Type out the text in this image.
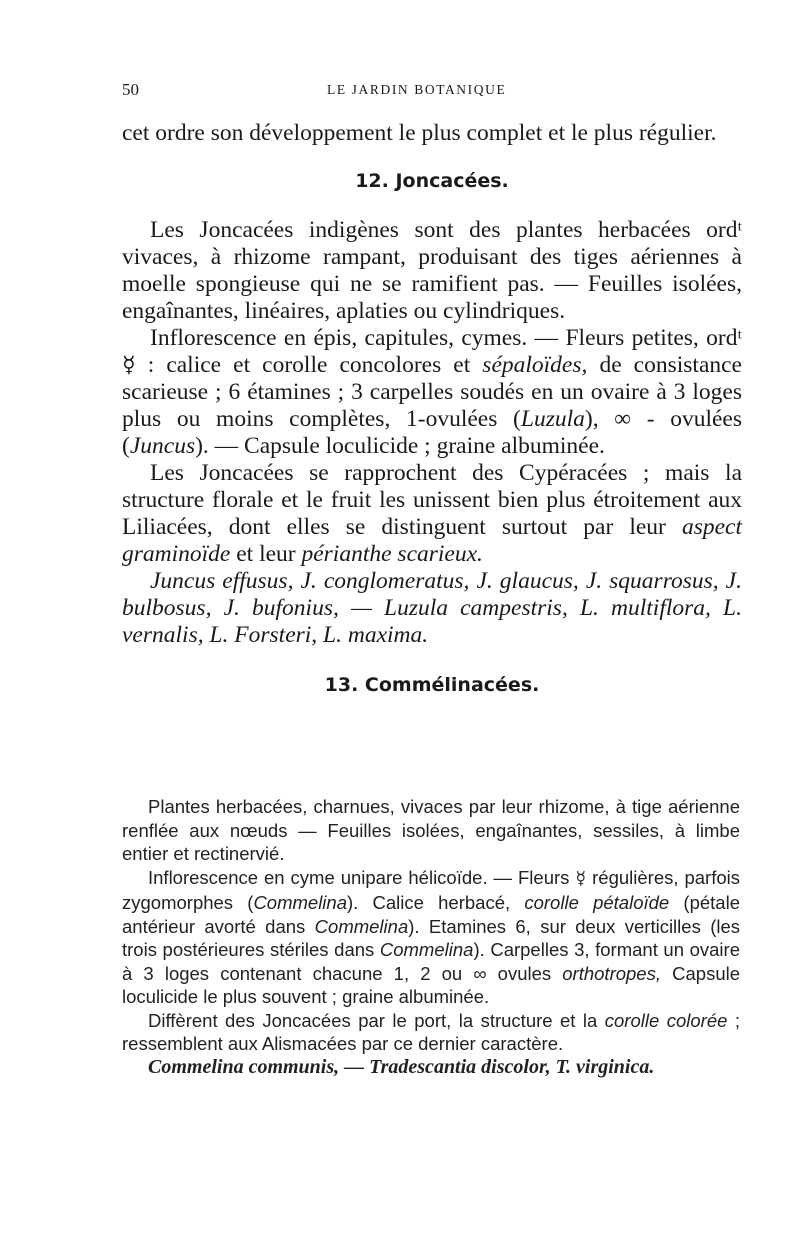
50	LE JARDIN BOTANIQUE

cet ordre son développement le plus complet et le plus régulier.

12. Joncacées.

Les Joncacées indigènes sont des plantes herbacées ordᵗ vivaces, à rhizome rampant, produisant des tiges aériennes à moelle spongieuse qui ne se ramifient pas. — Feuilles isolées, engaînantes, linéaires, aplaties ou cylindriques.

Inflorescence en épis, capitules, cymes. — Fleurs petites, ordᵗ ☿ : calice et corolle concolores et sépaloïdes, de consistance scarieuse ; 6 étamines ; 3 carpelles soudés en un ovaire à 3 loges plus ou moins complètes, 1-ovulées (Luzula), ∞ - ovulées (Juncus). — Capsule loculicide ; graine albuminée.

Les Joncacées se rapprochent des Cypéracées ; mais la structure florale et le fruit les unissent bien plus étroitement aux Liliacées, dont elles se distinguent surtout par leur aspect graminoïde et leur périanthe scarieux.

Juncus effusus, J. conglomeratus, J. glaucus, J. squarrosus, J. bulbosus, J. bufonius, — Luzula campestris, L. multiflora, L. vernalis, L. Forsteri, L. maxima.

13. Commélinacées.

Plantes herbacées, charnues, vivaces par leur rhizome, à tige aérienne renflée aux nœuds — Feuilles isolées, engaînantes, sessiles, à limbe entier et rectinervié.

Inflorescence en cyme unipare hélicoïde. — Fleurs ☿ régulières, parfois zygomorphes (Commelina). Calice herbacé, corolle pétaloïde (pétale antérieur avorté dans Commelina). Etamines 6, sur deux verticilles (les trois postérieures stériles dans Commelina). Carpelles 3, formant un ovaire à 3 loges contenant chacune 1, 2 ou ∞ ovules orthotropes, Capsule loculicide le plus souvent ; graine albuminée.

Diffèrent des Joncacées par le port, la structure et la corolle colorée ; ressemblent aux Alismacées par ce dernier caractère.

Commelina communis, — Tradescantia discolor, T. virginica.
